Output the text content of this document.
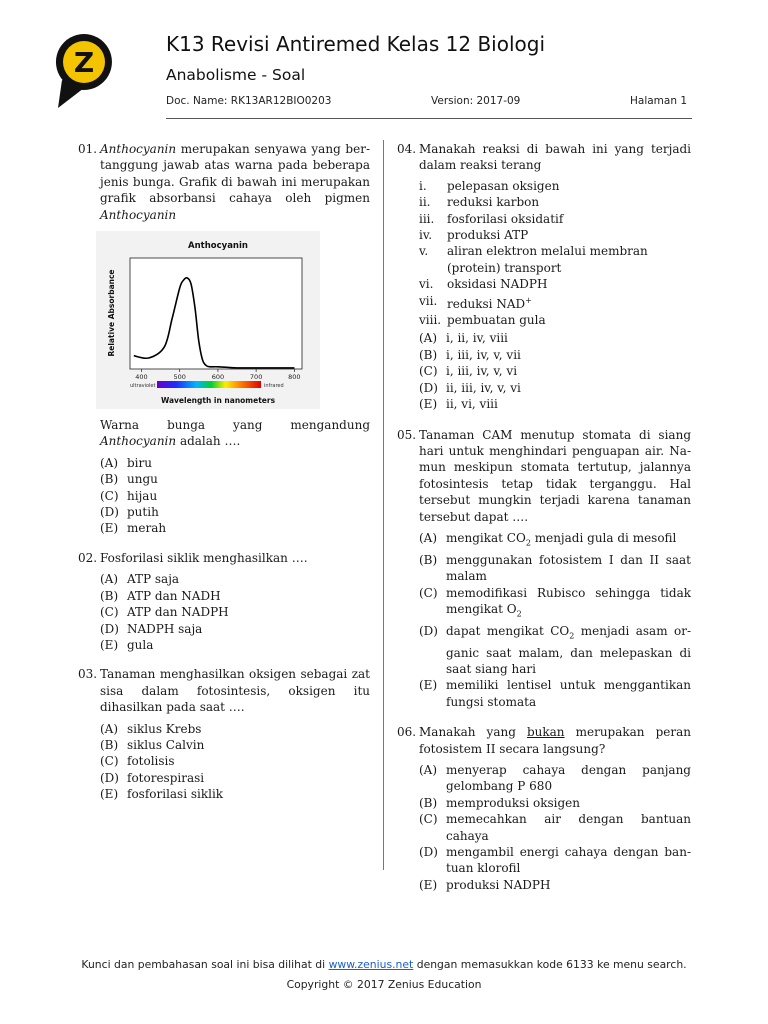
Z
K13 Revisi Antiremed Kelas 12 Biologi
Anabolisme - Soal
Doc. Name: RK13AR12BIO0203	Version: 2017-09	Halaman 1
01. Anthocyanin merupakan senyawa yang bertanggung jawab atas warna pada beberapa jenis bunga. Grafik di bawah ini merupakan grafik absorbansi cahaya oleh pigmen Anthocyanin

Anthocyanin
Relative Absorbance
400	500	600	700	800
ultraviolet	infrared
Wavelength in nanometers

Warna bunga yang mengandung Anthocyanin adalah ….

(A) biru
(B) ungu
(C) hijau
(D) putih
(E) merah
02. Fosforilasi siklik menghasilkan ….

(A) ATP saja
(B) ATP dan NADH
(C) ATP dan NADPH
(D) NADPH saja
(E) gula
03. Tanaman menghasilkan oksigen sebagai zat sisa dalam fotosintesis, oksigen itu dihasilkan pada saat ….

(A) siklus Krebs
(B) siklus Calvin
(C) fotolisis
(D) fotorespirasi
(E) fosforilasi siklik
04. Manakah reaksi di bawah ini yang terjadi dalam reaksi terang

i. pelepasan oksigen
ii. reduksi karbon
iii. fosforilasi oksidatif
iv. produksi ATP
v. aliran elektron melalui membran (protein) transport
vi. oksidasi NADPH
vii. reduksi NAD+
viii. pembuatan gula
(A) i, ii, iv, viii
(B) i, iii, iv, v, vii
(C) i, iii, iv, v, vi
(D) ii, iii, iv, v, vi
(E) ii, vi, viii
05. Tanaman CAM menutup stomata di siang hari untuk menghindari penguapan air. Namun meskipun stomata tertutup, jalannya fotosintesis tetap tidak terganggu. Hal tersebut mungkin terjadi karena tanaman tersebut dapat ….

(A) mengikat $CO_2$ menjadi gula di mesofil
(B) menggunakan fotosistem I dan II saat malam
(C) memodifikasi Rubisco sehingga tidak mengikat $O_2$
(D) dapat mengikat $CO_2$ menjadi asam organic saat malam, dan melepaskan di saat siang hari
(E) memiliki lentisel untuk menggantikan fungsi stomata
06. Manakah yang bukan merupakan peran fotosistem II secara langsung?

(A) menyerap cahaya dengan panjang gelombang P 680
(B) memproduksi oksigen
(C) memecahkan air dengan bantuan cahaya
(D) mengambil energi cahaya dengan bantuan klorofil
(E) produksi NADPH
Kunci dan pembahasan soal ini bisa dilihat di www.zenius.net dengan memasukkan kode 6133 ke menu search.
Copyright © 2017 Zenius Education
